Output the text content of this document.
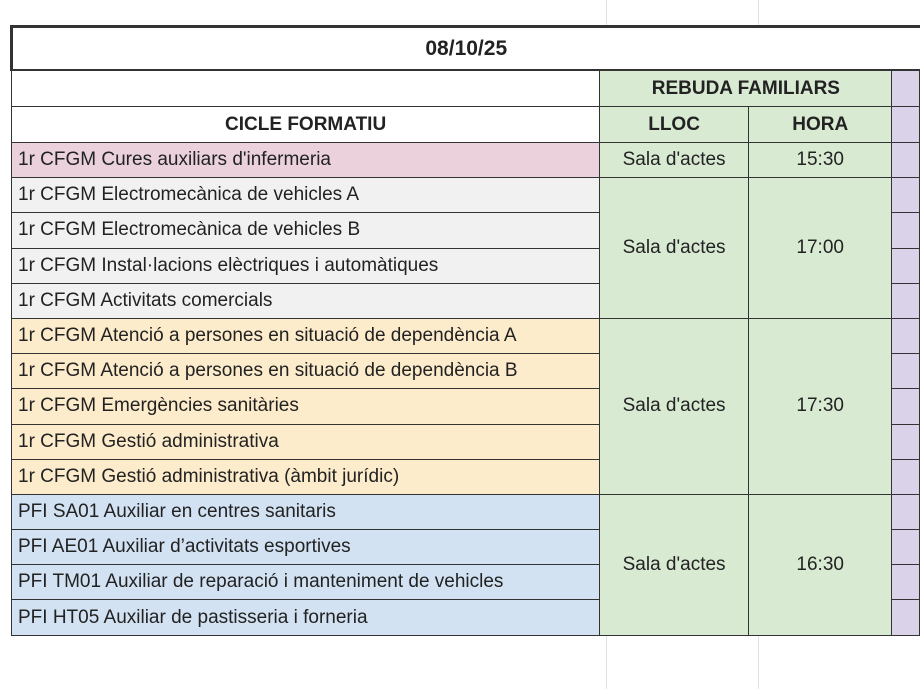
08/10/25			
	REBUDA FAMILIARS		
CICLE FORMATIU	LLOC	HORA	
1r CFGM Cures auxiliars d'infermeria	Sala d'actes	15:30	
1r CFGM Electromecànica de vehicles A	Sala d'actes	17:00	
1r CFGM Electromecànica de vehicles B			
1r CFGM Instal·lacions elèctriques i automàtiques			
1r CFGM Activitats comercials			
1r CFGM Atenció a persones en situació de dependència A	Sala d'actes	17:30	
1r CFGM Atenció a persones en situació de dependència B			
1r CFGM Emergències sanitàries			
1r CFGM Gestió administrativa			
1r CFGM Gestió administrativa (àmbit jurídic)			
PFI SA01 Auxiliar en centres sanitaris	Sala d'actes	16:30	
PFI AE01 Auxiliar d’activitats esportives			
PFI TM01 Auxiliar de reparació i manteniment de vehicles			
PFI HT05 Auxiliar de pastisseria i forneria			
